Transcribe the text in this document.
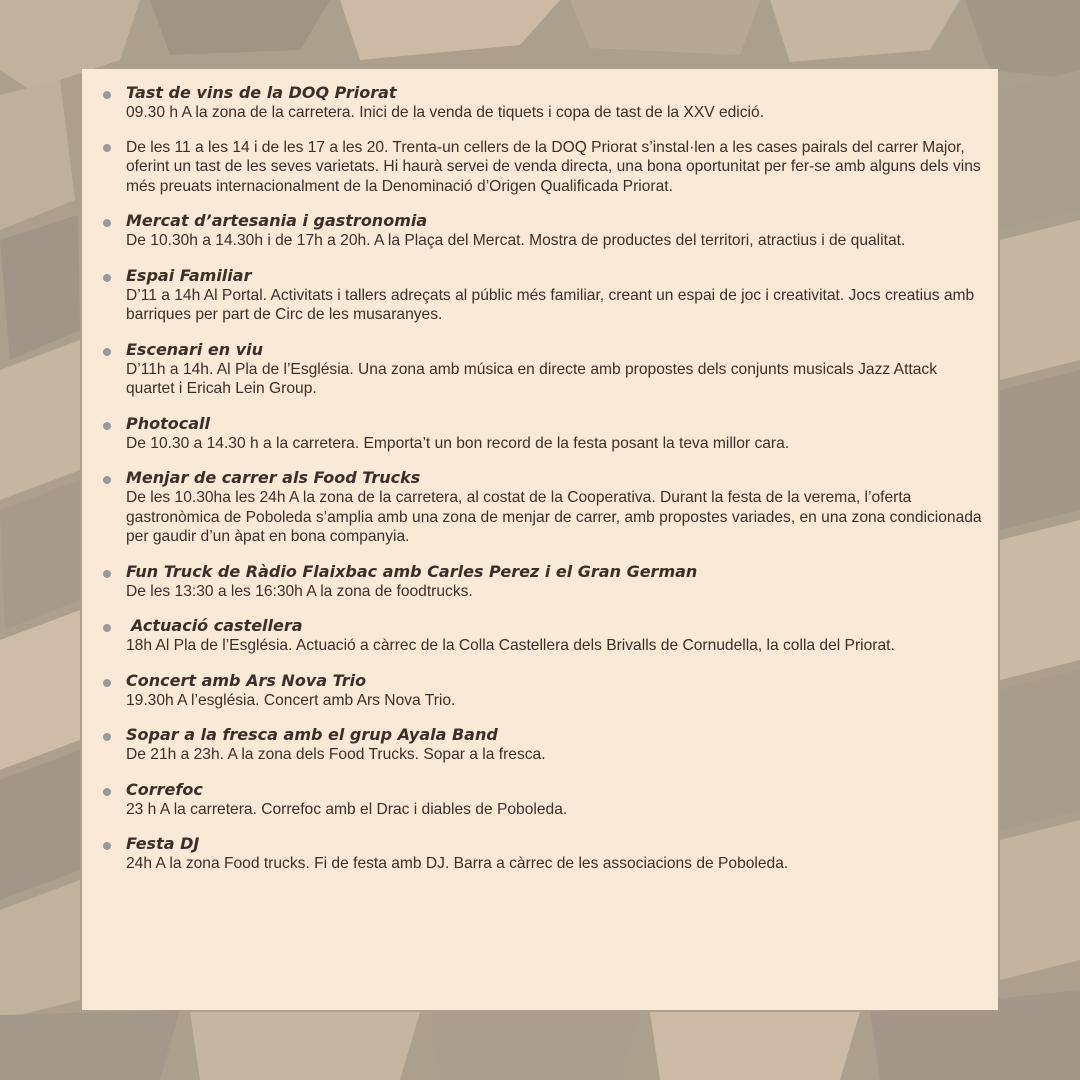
Tast de vins de la DOQ Priorat
09.30 h A la zona de la carretera. Inici de la venda de tiquets i copa de tast de la XXV edició.
De les 11 a les 14 i de les 17 a les 20. Trenta-un cellers de la DOQ Priorat s’instal·len a les cases pairals del carrer Major, oferint un tast de les seves varietats. Hi haurà servei de venda directa, una bona oportunitat per fer-se amb alguns dels vins més preuats internacionalment de la Denominació d’Origen Qualificada Priorat.
Mercat d’artesania i gastronomia
De 10.30h a 14.30h i de 17h a 20h. A la Plaça del Mercat. Mostra de productes del territori, atractius i de qualitat.
Espai Familiar
D’11 a 14h Al Portal. Activitats i tallers adreçats al públic més familiar, creant un espai de joc i creativitat. Jocs creatius amb barriques per part de Circ de les musaranyes.
Escenari en viu
D’11h a 14h. Al Pla de l’Església. Una zona amb música en directe amb propostes dels conjunts musicals Jazz Attack quartet i Ericah Lein Group.
Photocall
De 10.30 a 14.30 h a la carretera. Emporta’t un bon record de la festa posant la teva millor cara.
Menjar de carrer als Food Trucks
De les 10.30ha les 24h A la zona de la carretera, al costat de la Cooperativa. Durant la festa de la verema, l’oferta gastronòmica de Poboleda s’amplia amb una zona de menjar de carrer, amb propostes variades, en una zona condicionada per gaudir d’un àpat en bona companyia.
Fun Truck de Ràdio Flaixbac amb Carles Perez i el Gran German
De les 13:30 a les 16:30h A la zona de foodtrucks.
Actuació castellera
18h Al Pla de l’Església. Actuació a càrrec de la Colla Castellera dels Brivalls de Cornudella, la colla del Priorat.
Concert amb Ars Nova Trio
19.30h A l’església. Concert amb Ars Nova Trio.
Sopar a la fresca amb el grup Ayala Band
De 21h a 23h. A la zona dels Food Trucks. Sopar a la fresca.
Correfoc
23 h A la carretera. Correfoc amb el Drac i diables de Poboleda.
Festa DJ
24h A la zona Food trucks. Fi de festa amb DJ. Barra a càrrec de les associacions de Poboleda.
